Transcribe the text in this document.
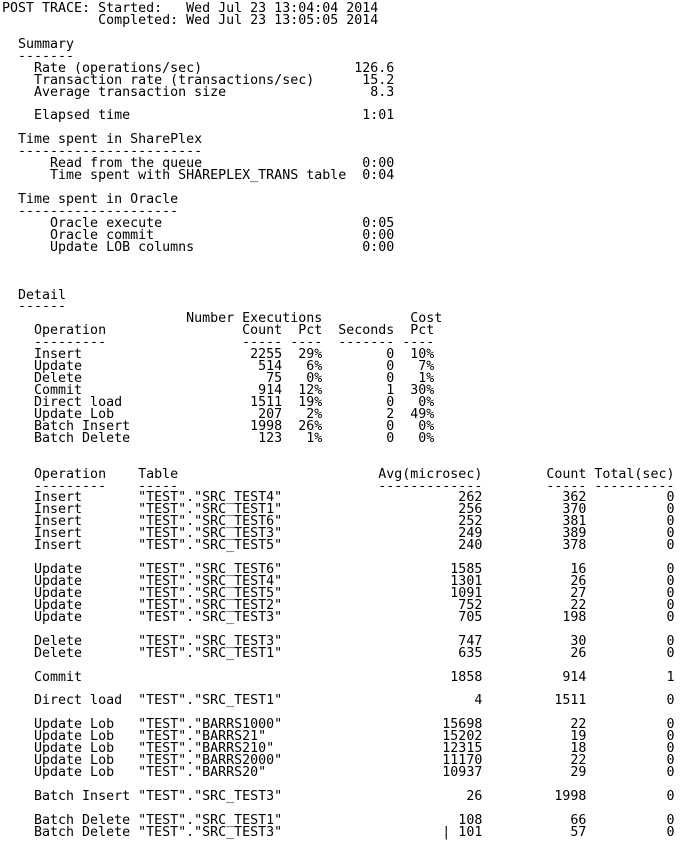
POST TRACE: Started:   Wed Jul 23 13:04:04 2014
Completed: Wed Jul 23 13:05:05 2014

Summary
-------
Rate (operations/sec)                   126.6
Transaction rate (transactions/sec)      15.2
Average transaction size                  8.3

Elapsed time                             1:01

Time spent in SharePlex
-----------------------
Read from the queue                    0:00
Time spent with SHAREPLEX_TRANS table  0:04

Time spent in Oracle
--------------------
Oracle execute                         0:05
Oracle commit                          0:00
Update LOB columns                     0:00

Detail
------
Number Executions           Cost
Operation                 Count  Pct  Seconds  Pct
---------                 ----- ----  ------- ----
Insert                     2255  29%        0  10%
Update                      514   6%        0   7%
Delete                       75   0%        0   1%
Commit                      914  12%        1  30%
Direct load                1511  19%        0   0%
Update Lob                  207   2%        2  49%
Batch Insert               1998  26%        0   0%
Batch Delete                123   1%        0   0%

Operation    Table                         Avg(microsec)        Count Total(sec)
---------    -----                         -------------        ----- ----------
Insert       "TEST"."SRC_TEST4"                      262          362          0
Insert       "TEST"."SRC_TEST1"                      256          370          0
Insert       "TEST"."SRC_TEST6"                      252          381          0
Insert       "TEST"."SRC_TEST3"                      249          389          0
Insert       "TEST"."SRC_TEST5"                      240          378          0

Update       "TEST"."SRC_TEST6"                     1585           16          0
Update       "TEST"."SRC_TEST4"                     1301           26          0
Update       "TEST"."SRC_TEST5"                     1091           27          0
Update       "TEST"."SRC_TEST2"                      752           22          0
Update       "TEST"."SRC_TEST3"                      705          198          0

Delete       "TEST"."SRC_TEST3"                      747           30          0
Delete       "TEST"."SRC_TEST1"                      635           26          0

Commit                                              1858          914          1

Direct load  "TEST"."SRC_TEST1"                        4         1511          0

Update Lob   "TEST"."BARRS1000"                    15698           22          0
Update Lob   "TEST"."BARRS21"                      15202           19          0
Update Lob   "TEST"."BARRS210"                     12315           18          0
Update Lob   "TEST"."BARRS2000"                    11170           22          0
Update Lob   "TEST"."BARRS20"                      10937           29          0

Batch Insert "TEST"."SRC_TEST3"                       26         1998          0

Batch Delete "TEST"."SRC_TEST1"                      108           66          0
Batch Delete "TEST"."SRC_TEST3"                    | 101           57          0
